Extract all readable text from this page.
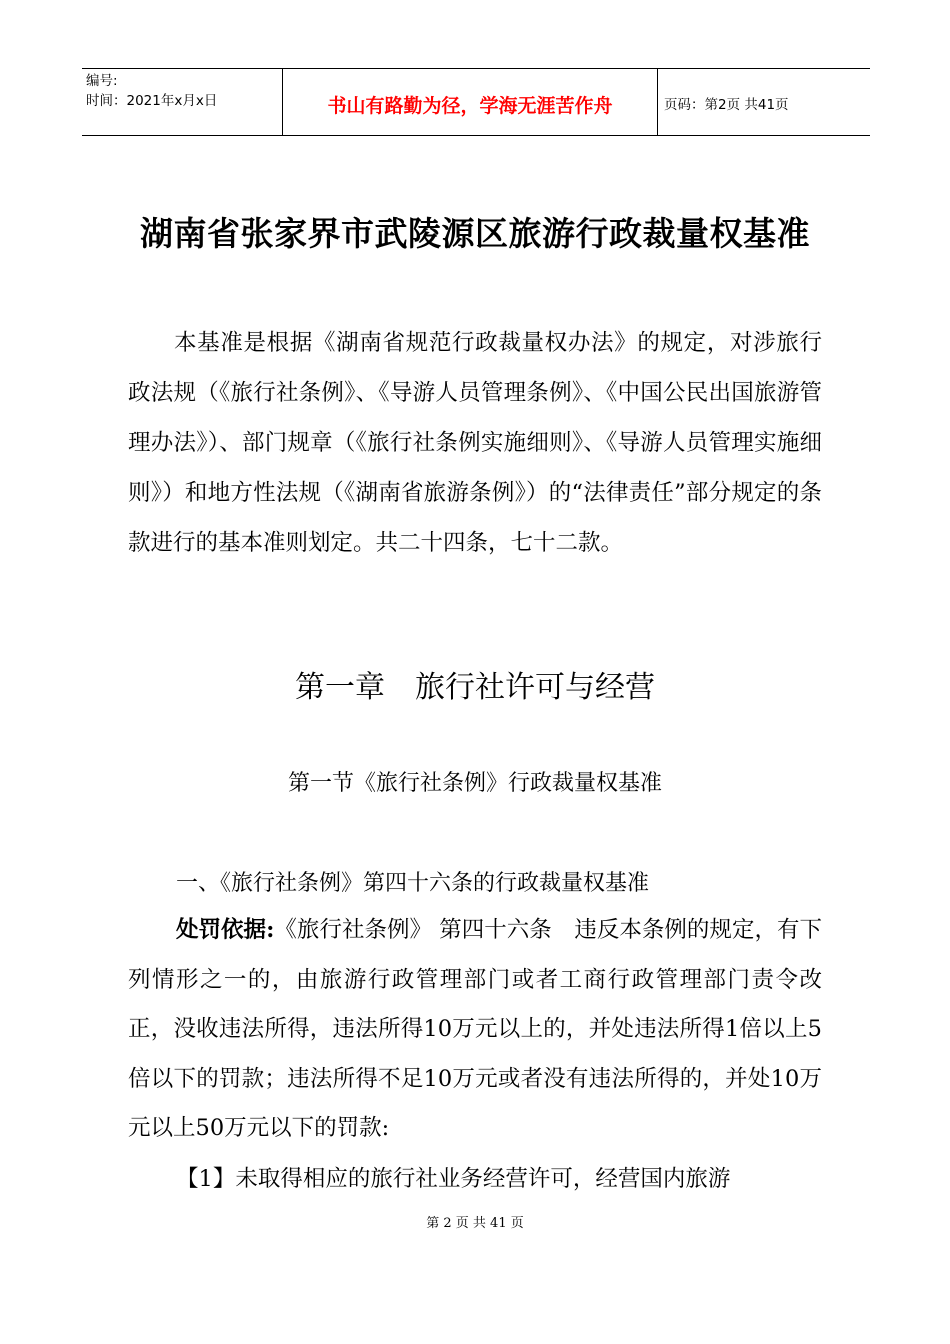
编号:
时间：2021年x月x日	书山有路勤为径，学海无涯苦作舟	页码：第2页 共41页
湖南省张家界市武陵源区旅游行政裁量权基准
本基准是根据《湖南省规范行政裁量权办法》的规定，对涉旅行政法规（《旅行社条例》、《导游人员管理条例》、《中国公民出国旅游管理办法》）、部门规章（《旅行社条例实施细则》、《导游人员管理实施细则》）和地方性法规（《湖南省旅游条例》）的“法律责任”部分规定的条款进行的基本准则划定。共二十四条，七十二款。
第一章　旅行社许可与经营
第一节《旅行社条例》行政裁量权基准
一、《旅行社条例》第四十六条的行政裁量权基准
处罚依据:《旅行社条例》 第四十六条　违反本条例的规定，有下列情形之一的，由旅游行政管理部门或者工商行政管理部门责令改正，没收违法所得，违法所得10万元以上的，并处违法所得1倍以上5倍以下的罚款；违法所得不足10万元或者没有违法所得的，并处10万元以上50万元以下的罚款:
【1】未取得相应的旅行社业务经营许可，经营国内旅游
第 2 页 共 41 页
